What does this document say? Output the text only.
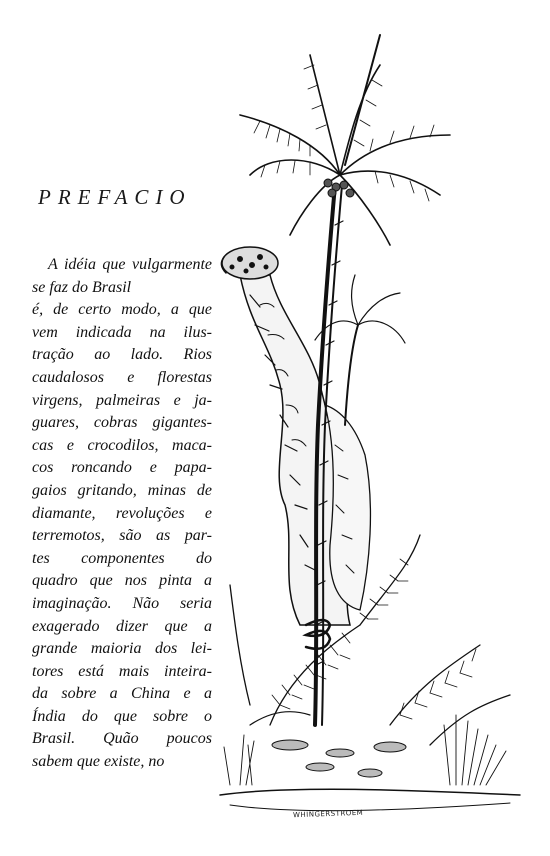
PREFACIO
A idéia que vulgarmente se faz do Brasil
é, de certo modo, a que
vem indicada na ilus-
tração ao lado. Rios
caudalosos e florestas
virgens, palmeiras e ja-
guares, cobras gigantes-
cas e crocodilos, maca-
cos roncando e papa-
gaios gritando, minas de
diamante, revoluções e
terremotos, são as par-
tes componentes do
quadro que nos pinta a
imaginação. Não seria
exagerado dizer que a
grande maioria dos lei-
tores está mais inteira-
da sobre a China e a
Índia do que sobre o
Brasil. Quão poucos
sabem que existe, no
WHINGERSTROEM
